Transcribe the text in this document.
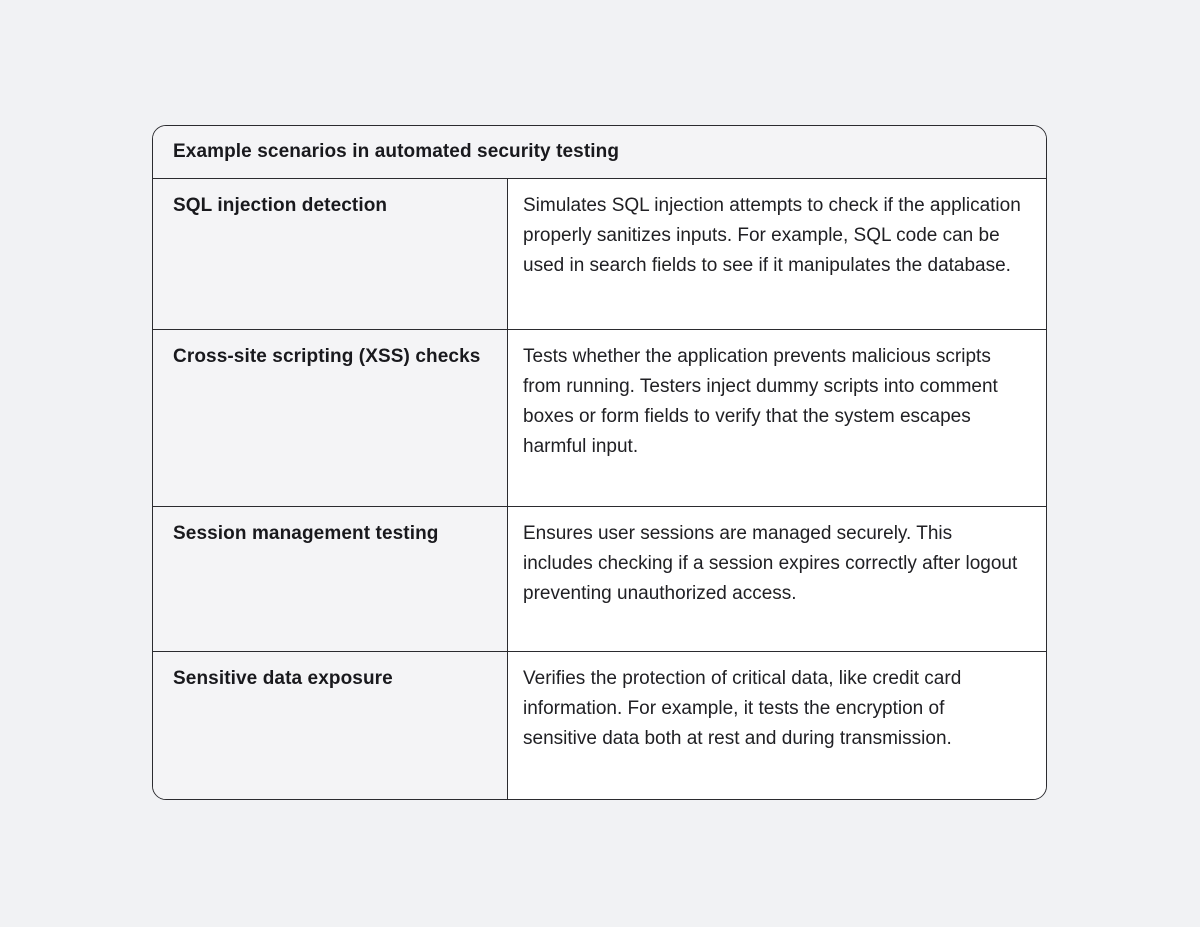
Example scenarios in automated security testing
SQL injection detection	Simulates SQL injection attempts to check if the application properly sanitizes inputs. For example, SQL code can be used in search fields to see if it manipulates the database.
Cross-site scripting (XSS) checks	Tests whether the application prevents malicious scripts from running. Testers inject dummy scripts into comment boxes or form fields to verify that the system escapes harmful input.
Session management testing	Ensures user sessions are managed securely. This includes checking if a session expires correctly after logout preventing unauthorized access.
Sensitive data exposure	Verifies the protection of critical data, like credit card information. For example, it tests the encryption of sensitive data both at rest and during transmission.
